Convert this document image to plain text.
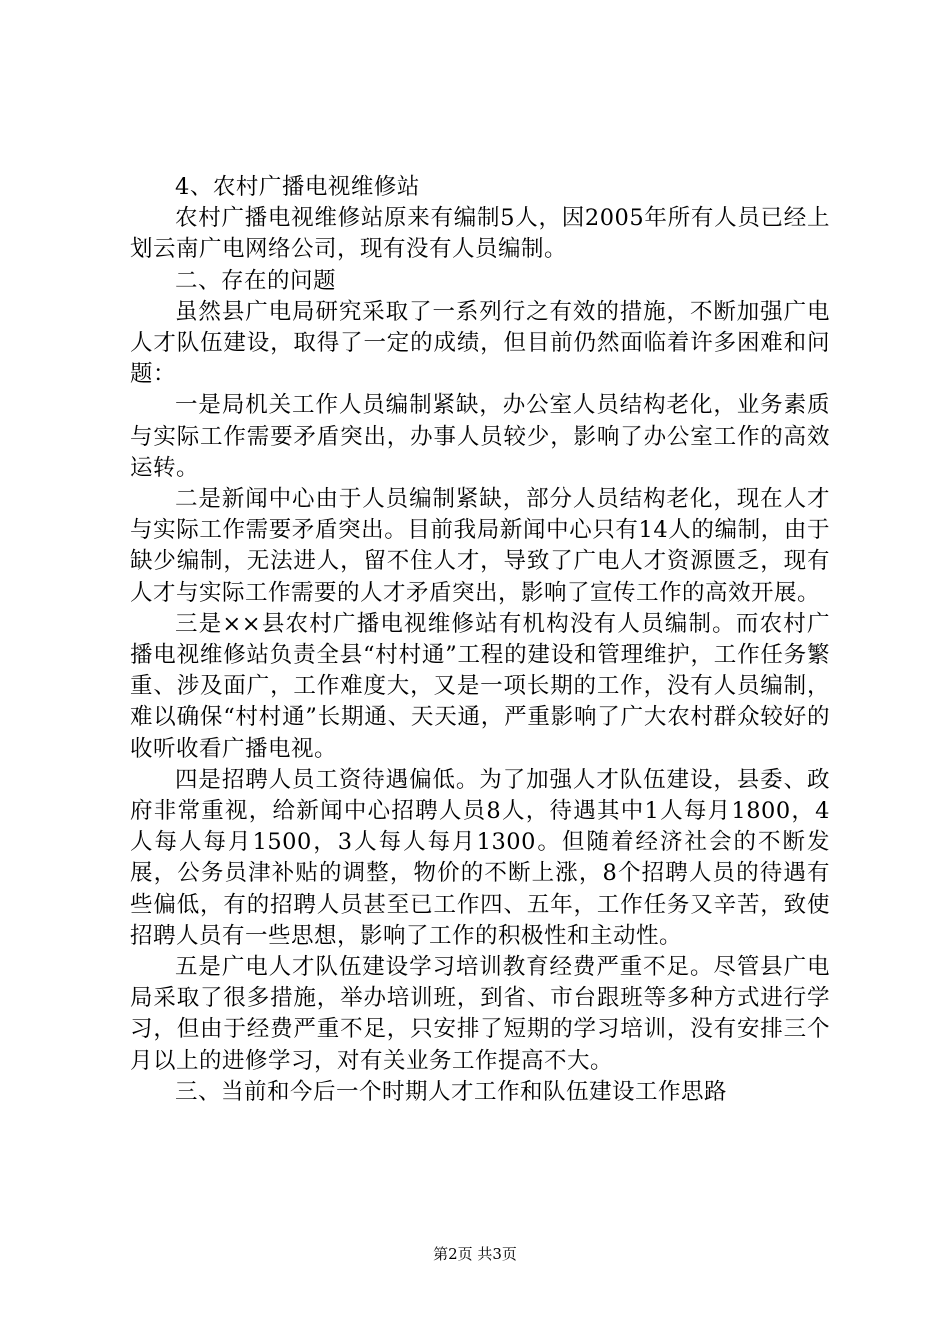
4、农村广播电视维修站

农村广播电视维修站原来有编制5人，因2005年所有人员已经上划云南广电网络公司，现有没有人员编制。

二、存在的问题

虽然县广电局研究采取了一系列行之有效的措施，不断加强广电人才队伍建设，取得了一定的成绩，但目前仍然面临着许多困难和问题：

一是局机关工作人员编制紧缺，办公室人员结构老化，业务素质与实际工作需要矛盾突出，办事人员较少，影响了办公室工作的高效运转。

二是新闻中心由于人员编制紧缺，部分人员结构老化，现在人才与实际工作需要矛盾突出。目前我局新闻中心只有14人的编制，由于缺少编制，无法进人，留不住人才，导致了广电人才资源匮乏，现有人才与实际工作需要的人才矛盾突出，影响了宣传工作的高效开展。

三是××县农村广播电视维修站有机构没有人员编制。而农村广播电视维修站负责全县“村村通”工程的建设和管理维护，工作任务繁重、涉及面广，工作难度大，又是一项长期的工作，没有人员编制，难以确保“村村通”长期通、天天通，严重影响了广大农村群众较好的收听收看广播电视。

四是招聘人员工资待遇偏低。为了加强人才队伍建设，县委、政府非常重视，给新闻中心招聘人员8人，待遇其中1人每月1800，4人每人每月1500，3人每人每月1300。但随着经济社会的不断发展，公务员津补贴的调整，物价的不断上涨，8个招聘人员的待遇有些偏低，有的招聘人员甚至已工作四、五年，工作任务又辛苦，致使招聘人员有一些思想，影响了工作的积极性和主动性。

五是广电人才队伍建设学习培训教育经费严重不足。尽管县广电局采取了很多措施，举办培训班，到省、市台跟班等多种方式进行学习，但由于经费严重不足，只安排了短期的学习培训，没有安排三个月以上的进修学习，对有关业务工作提高不大。

三、当前和今后一个时期人才工作和队伍建设工作思路

第2页 共3页
